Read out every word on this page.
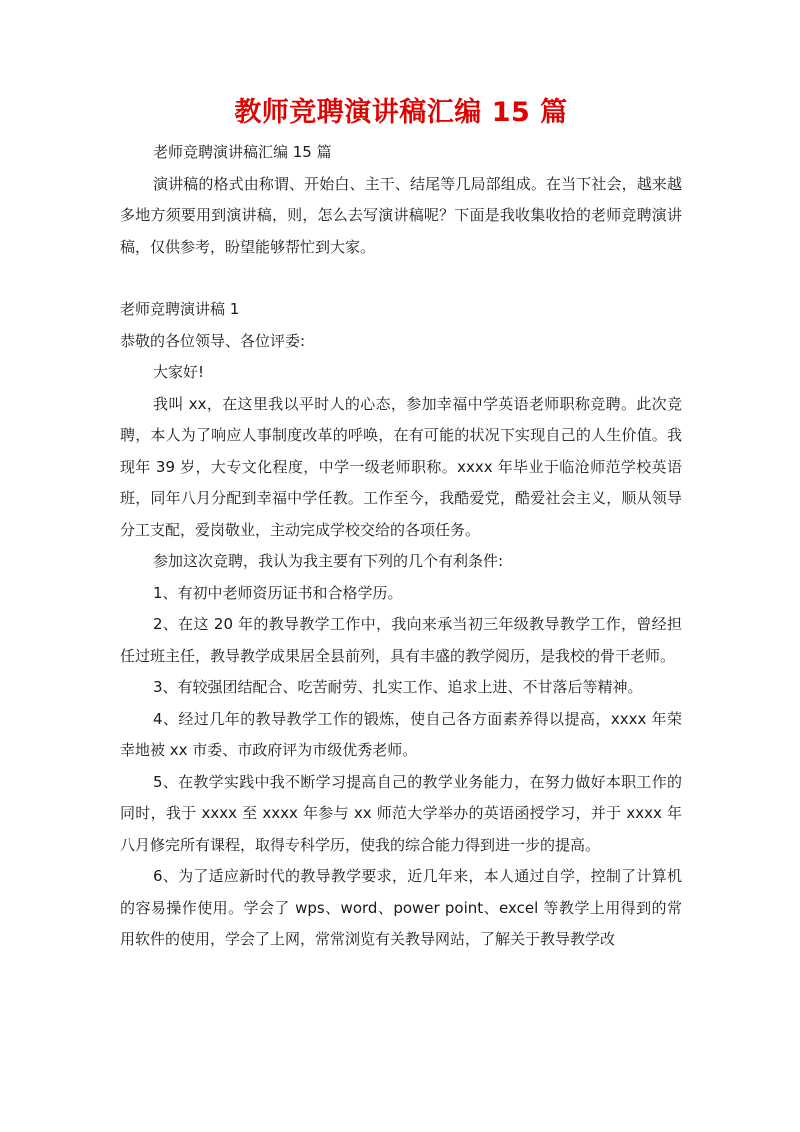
教师竞聘演讲稿汇编 15 篇

老师竞聘演讲稿汇编 15 篇

演讲稿的格式由称谓、开始白、主干、结尾等几局部组成。在当下社会，越来越多地方须要用到演讲稿，则，怎么去写演讲稿呢？下面是我收集收拾的老师竞聘演讲稿，仅供参考，盼望能够帮忙到大家。

老师竞聘演讲稿 1

恭敬的各位领导、各位评委:

大家好!

我叫 xx，在这里我以平时人的心态，参加幸福中学英语老师职称竞聘。此次竞聘，本人为了响应人事制度改革的呼唤，在有可能的状况下实现自己的人生价值。我现年 39 岁，大专文化程度，中学一级老师职称。xxxx 年毕业于临沧师范学校英语班，同年八月分配到幸福中学任教。工作至今，我酷爱党，酷爱社会主义，顺从领导分工支配，爱岗敬业，主动完成学校交给的各项任务。

参加这次竞聘，我认为我主要有下列的几个有利条件:

1、有初中老师资历证书和合格学历。

2、在这 20 年的教导教学工作中，我向来承当初三年级教导教学工作，曾经担任过班主任，教导教学成果居全县前列，具有丰盛的教学阅历，是我校的骨干老师。

3、有较强团结配合、吃苦耐劳、扎实工作、追求上进、不甘落后等精神。

4、经过几年的教导教学工作的锻炼，使自己各方面素养得以提高，xxxx 年荣幸地被 xx 市委、市政府评为市级优秀老师。

5、在教学实践中我不断学习提高自己的教学业务能力，在努力做好本职工作的同时，我于 xxxx 至 xxxx 年参与 xx 师范大学举办的英语函授学习，并于 xxxx 年八月修完所有课程，取得专科学历，使我的综合能力得到进一步的提高。

6、为了适应新时代的教导教学要求，近几年来，本人通过自学，控制了计算机的容易操作使用。学会了 wps、word、power point、excel 等教学上用得到的常用软件的使用，学会了上网，常常浏览有关教导网站，了解关于教导教学改
